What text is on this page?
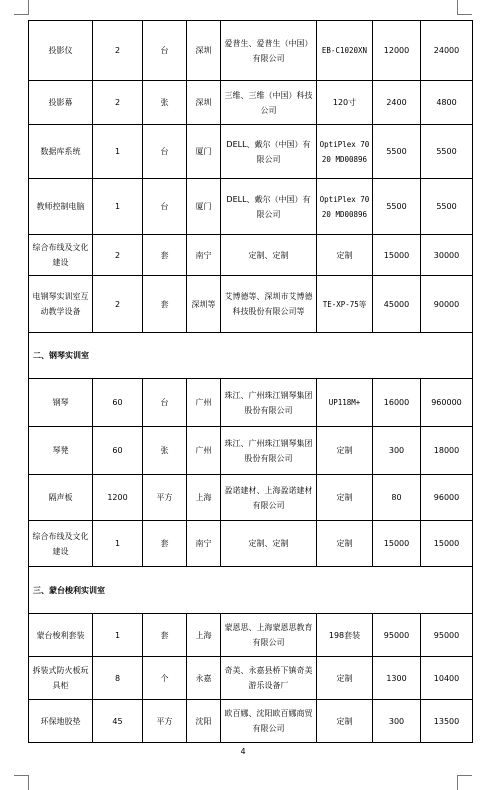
投影仪	2	台	深圳	爱普生、爱普生（中国）有限公司	EB-C1020XN	12000	24000
投影幕	2	张	深圳	三维、三维（中国）科技公司	120寸	2400	4800
数据库系统	1	台	厦门	DELL、戴尔（中国）有限公司	OptiPlex 7020 MD00896	5500	5500
教师控制电脑	1	台	厦门	DELL、戴尔（中国）有限公司	OptiPlex 7020 MD00896	5500	5500
综合布线及文化建设	2	套	南宁	定制、定制	定制	15000	30000
电钢琴实训室互动教学设备	2	套	深圳等	艾博德等、深圳市艾博德科技股份有限公司等	TE-XP-75等	45000	90000
二、钢琴实训室							
钢琴	60	台	广州	珠江、广州珠江钢琴集团股份有限公司	UP118M+	16000	960000
琴凳	60	张	广州	珠江、广州珠江钢琴集团股份有限公司	定制	300	18000
隔声板	1200	平方	上海	盈诺建材、上海盈诺建材有限公司	定制	80	96000
综合布线及文化建设	1	套	南宁	定制、定制	定制	15000	15000
三、蒙台梭利实训室							
蒙台梭利套装	1	套	上海	蒙恩思、上海蒙恩思教育有限公司	198套装	95000	95000
拆装式防火板玩具柜	8	个	永嘉	奇美、永嘉县桥下镇奇美游乐设备厂	定制	1300	10400
环保地胶垫	45	平方	沈阳	欧百娜、沈阳欧百娜商贸有限公司	定制	300	13500
4
